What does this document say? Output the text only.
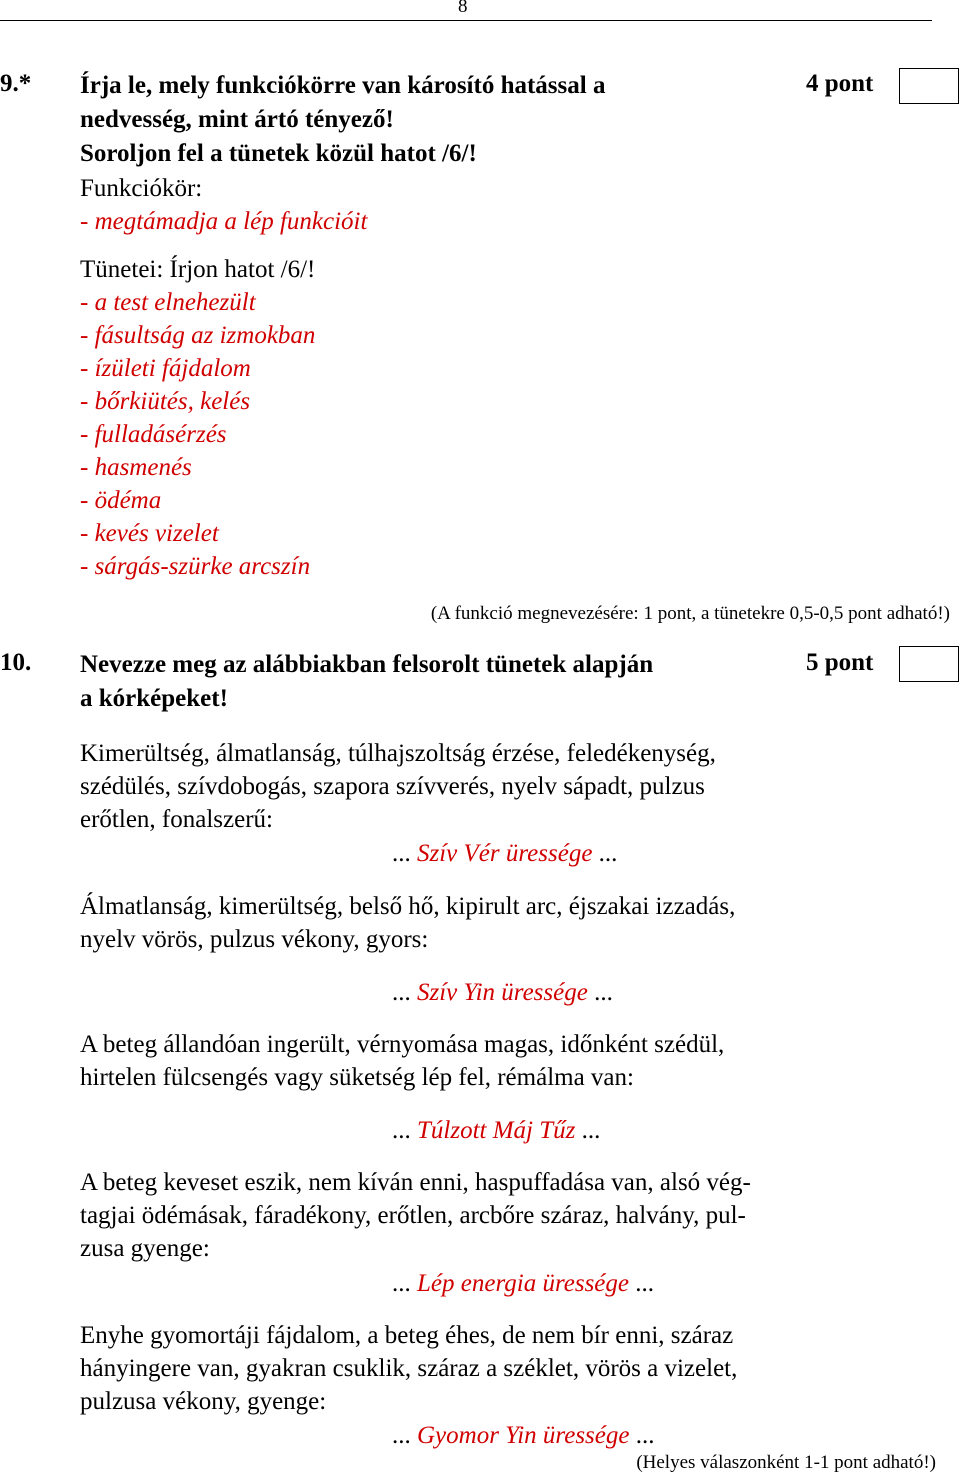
8
9.* Írja le, mely funkciókörre van károsító hatással a
nedvesség, mint ártó tényező!
Soroljon fel a tünetek közül hatot /6/!
4 pont
Funkciókör:
- megtámadja a lép funkcióit
Tünetei: Írjon hatot /6/!
- a test elnehezült
- fásultság az izmokban
- ízületi fájdalom
- bőrkiütés, kelés
- fulladásérzés
- hasmenés
- ödéma
- kevés vizelet
- sárgás-szürke arcszín
(A funkció megnevezésére: 1 pont, a tünetekre 0,5-0,5 pont adható!)
10. Nevezze meg az alábbiakban felsorolt tünetek alapján
a kórképeket!
5 pont
Kimerültség, álmatlanság, túlhajszoltság érzése, feledékenység,
szédülés, szívdobogás, szapora szívverés, nyelv sápadt, pulzus
erőtlen, fonalszerű:
... Szív Vér üressége ...
Álmatlanság, kimerültség, belső hő, kipirult arc, éjszakai izzadás,
nyelv vörös, pulzus vékony, gyors:
... Szív Yin üressége ...
A beteg állandóan ingerült, vérnyomása magas, időnként szédül,
hirtelen fülcsengés vagy süketség lép fel, rémálma van:
... Túlzott Máj Tűz ...
A beteg keveset eszik, nem kíván enni, haspuffadása van, alsó vég-
tagjai ödémásak, fáradékony, erőtlen, arcbőre száraz, halvány, pul-
zusa gyenge:
... Lép energia üressége ...
Enyhe gyomortáji fájdalom, a beteg éhes, de nem bír enni, száraz
hányingere van, gyakran csuklik, száraz a széklet, vörös a vizelet,
pulzusa vékony, gyenge:
... Gyomor Yin üressége ...
(Helyes válaszonként 1-1 pont adható!)
